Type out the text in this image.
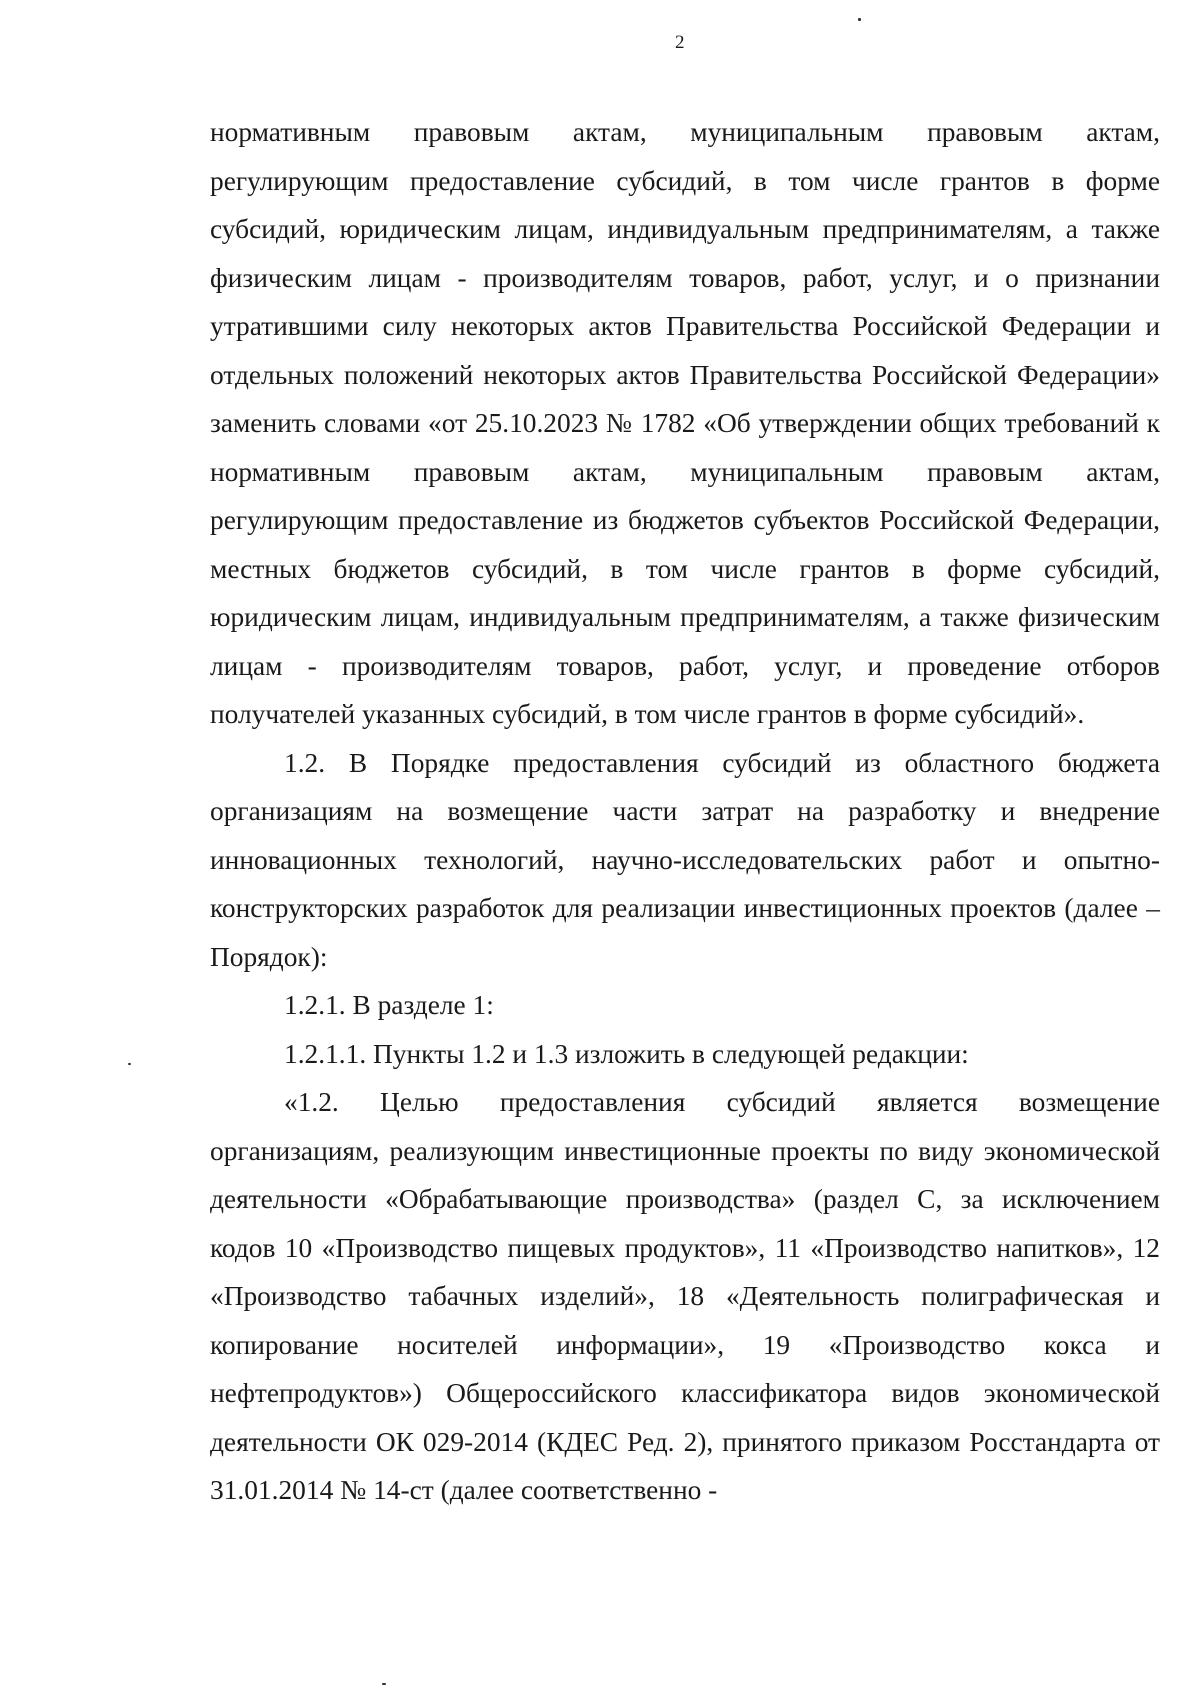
2

нормативным правовым актам, муниципальным правовым актам, регулирующим предоставление субсидий, в том числе грантов в форме субсидий, юридическим лицам, индивидуальным предпринимателям, а также физическим лицам - производителям товаров, работ, услуг, и о признании утратившими силу некоторых актов Правительства Российской Федерации и отдельных положений некоторых актов Правительства Российской Федерации» заменить словами «от 25.10.2023 № 1782 «Об утверждении общих требований к нормативным правовым актам, муниципальным правовым актам, регулирующим предоставление из бюджетов субъектов Российской Федерации, местных бюджетов субсидий, в том числе грантов в форме субсидий, юридическим лицам, индивидуальным предпринимателям, а также физическим лицам - производителям товаров, работ, услуг, и проведение отборов получателей указанных субсидий, в том числе грантов в форме субсидий».

1.2. В Порядке предоставления субсидий из областного бюджета организациям на возмещение части затрат на разработку и внедрение инновационных технологий, научно-исследовательских работ и опытно-конструкторских разработок для реализации инвестиционных проектов (далее – Порядок):

1.2.1. В разделе 1:

1.2.1.1. Пункты 1.2 и 1.3 изложить в следующей редакции:

«1.2. Целью предоставления субсидий является возмещение организациям, реализующим инвестиционные проекты по виду экономической деятельности «Обрабатывающие производства» (раздел С, за исключением кодов 10 «Производство пищевых продуктов», 11 «Производство напитков», 12 «Производство табачных изделий», 18 «Деятельность полиграфическая и копирование носителей информации», 19 «Производство кокса и нефтепродуктов») Общероссийского классификатора видов экономической деятельности ОК 029-2014 (КДЕС Ред. 2), принятого приказом Росстандарта от 31.01.2014 № 14-ст (далее соответственно -
